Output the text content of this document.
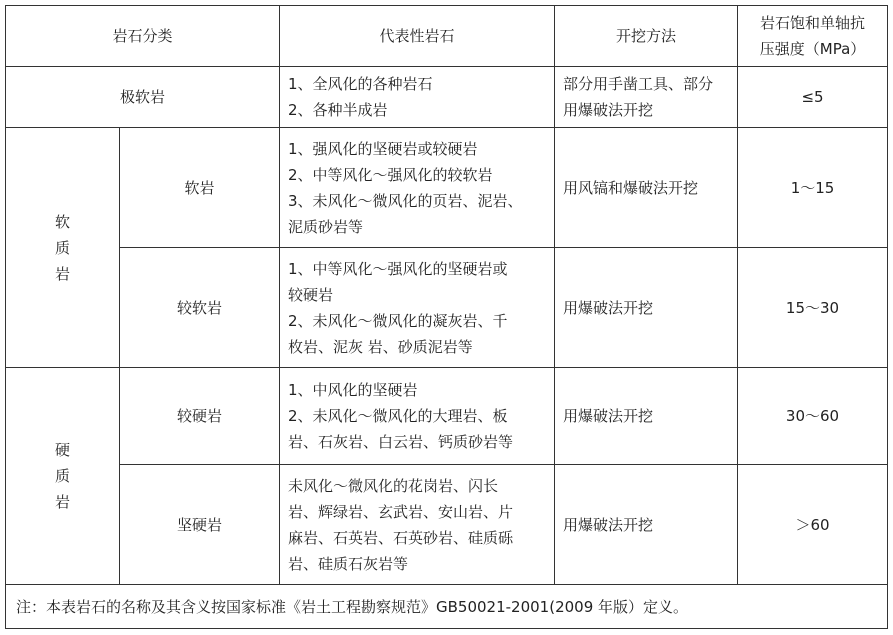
岩石分类		代表性岩石	开挖方法	岩石饱和单轴抗
压强度（MPa）

极软岩		1、全风化的各种岩石
2、各种半成岩	部分用手凿工具、部分
用爆破法开挖	≤5

软
质
岩	软岩	1、强风化的坚硬岩或较硬岩
2、中等风化～强风化的较软岩
3、未风化～微风化的页岩、泥岩、
泥质砂岩等	用风镐和爆破法开挖	1～15
	较软岩	1、中等风化～强风化的坚硬岩或
较硬岩
2、未风化～微风化的凝灰岩、千
枚岩、泥灰 岩、砂质泥岩等	用爆破法开挖	15～30

硬
质
岩	较硬岩	1、中风化的坚硬岩
2、未风化～微风化的大理岩、板
岩、石灰岩、白云岩、钙质砂岩等	用爆破法开挖	30～60
	坚硬岩	未风化～微风化的花岗岩、闪长
岩、辉绿岩、玄武岩、安山岩、片
麻岩、石英岩、石英砂岩、硅质砾
岩、硅质石灰岩等	用爆破法开挖	＞60
注：本表岩石的名称及其含义按国家标准《岩土工程勘察规范》GB50021-2001(2009 年版）定义。				
